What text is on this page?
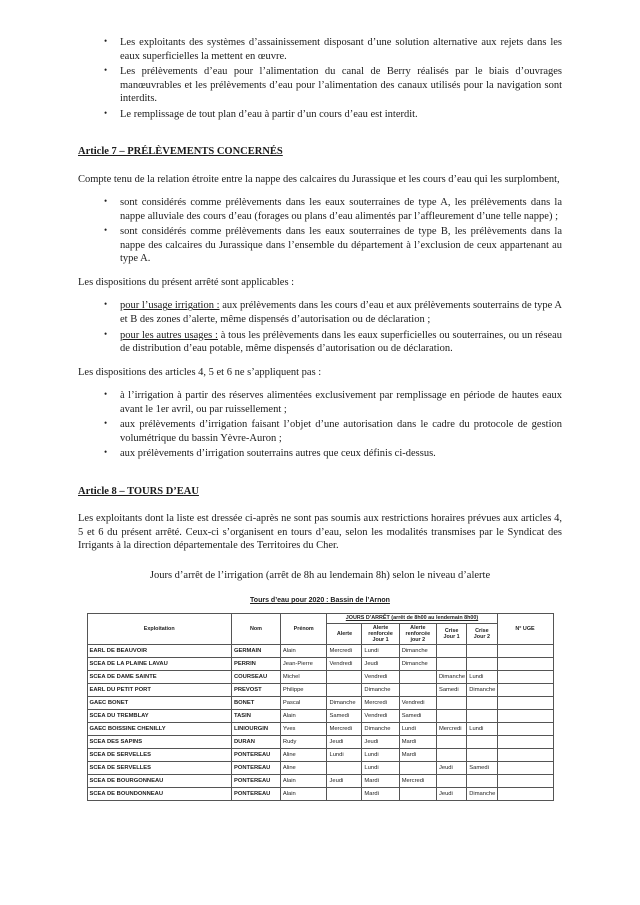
• Les exploitants des systèmes d’assainissement disposant d’une solution alternative aux rejets dans les eaux superficielles la mettent en œuvre.
• Les prélèvements d’eau pour l’alimentation du canal de Berry réalisés par le biais d’ouvrages manœuvrables et les prélèvements d’eau pour l’alimentation des canaux utilisés pour la navigation sont interdits.
• Le remplissage de tout plan d’eau à partir d’un cours d’eau est interdit.
Article 7 – PRÉLÈVEMENTS CONCERNÉS

Compte tenu de la relation étroite entre la nappe des calcaires du Jurassique et les cours d’eau qui les surplombent,

• sont considérés comme prélèvements dans les eaux souterraines de type A, les prélèvements dans la nappe alluviale des cours d’eau (forages ou plans d’eau alimentés par l’affleurement d’une telle nappe) ;
• sont considérés comme prélèvements dans les eaux souterraines de type B, les prélèvements dans la nappe des calcaires du Jurassique dans l’ensemble du département à l’exclusion de ceux appartenant au type A.

Les dispositions du présent arrêté sont applicables :

• pour l’usage irrigation : aux prélèvements dans les cours d’eau et aux prélèvements souterrains de type A et B des zones d’alerte, même dispensés d’autorisation ou de déclaration ;
• pour les autres usages : à tous les prélèvements dans les eaux superficielles ou souterraines, ou un réseau de distribution d’eau potable, même dispensés d’autorisation ou de déclaration.

Les dispositions des articles 4, 5 et 6 ne s’appliquent pas :

• à l’irrigation à partir des réserves alimentées exclusivement par remplissage en période de hautes eaux avant le 1er avril, ou par ruissellement ;
• aux prélèvements d’irrigation faisant l’objet d’une autorisation dans le cadre du protocole de gestion volumétrique du bassin Yèvre-Auron ;
• aux prélèvements d’irrigation souterrains autres que ceux définis ci-dessus.
Article 8 – TOURS D’EAU

Les exploitants dont la liste est dressée ci-après ne sont pas soumis aux restrictions horaires prévues aux articles 4, 5 et 6 du présent arrêté. Ceux-ci s’organisent en tours d’eau, selon les modalités transmises par le Syndicat des Irrigants à la direction départementale des Territoires du Cher.

Jours d’arrêt de l’irrigation (arrêt de 8h au lendemain 8h) selon le niveau d’alerte
Tours d’eau pour 2020 : Bassin de l’Arnon
Exploitation	Nom	Prénom	JOURS D’ARRÊT (arrêt de 8h00 au lendemain 8h00)					N° UGE
			Alerte	Alerte renforcée Jour 1	Alerte renforcée jour 2	Crise Jour 1	Crise Jour 2	
EARL DE BEAUVOIR	GERMAIN	Alain	Mercredi	Lundi	Dimanche			
SCEA DE LA PLAINE LAVAU	PERRIN	Jean-Pierre	Vendredi	Jeudi	Dimanche			
SCEA DE DAME SAINTE	COURSEAU	Michel		Vendredi		Dimanche	Lundi	
EARL DU PETIT PORT	PREVOST	Philippe		Dimanche		Samedi	Dimanche	
GAEC BONET	BONET	Pascal	Dimanche	Mercredi	Vendredi			
SCEA DU TREMBLAY	TASIN	Alain	Samedi	Vendredi	Samedi			
GAEC BOISSINE CHENILLY	LINIOURGIN	Yves	Mercredi	Dimanche	Lundi	Mercredi	Lundi	
SCEA DES SAPINS	DURAN	Rudy	Jeudi	Jeudi	Mardi			
SCEA DE SERVELLES	PONTEREAU	Aline	Lundi	Lundi	Mardi			
SCEA DE SERVELLES	PONTEREAU	Aline		Lundi		Jeudi	Samedi	
SCEA DE BOURGONNEAU	PONTEREAU	Alain	Jeudi	Mardi	Mercredi			
SCEA DE BOUNDONNEAU	PONTEREAU	Alain		Mardi		Jeudi	Dimanche	
